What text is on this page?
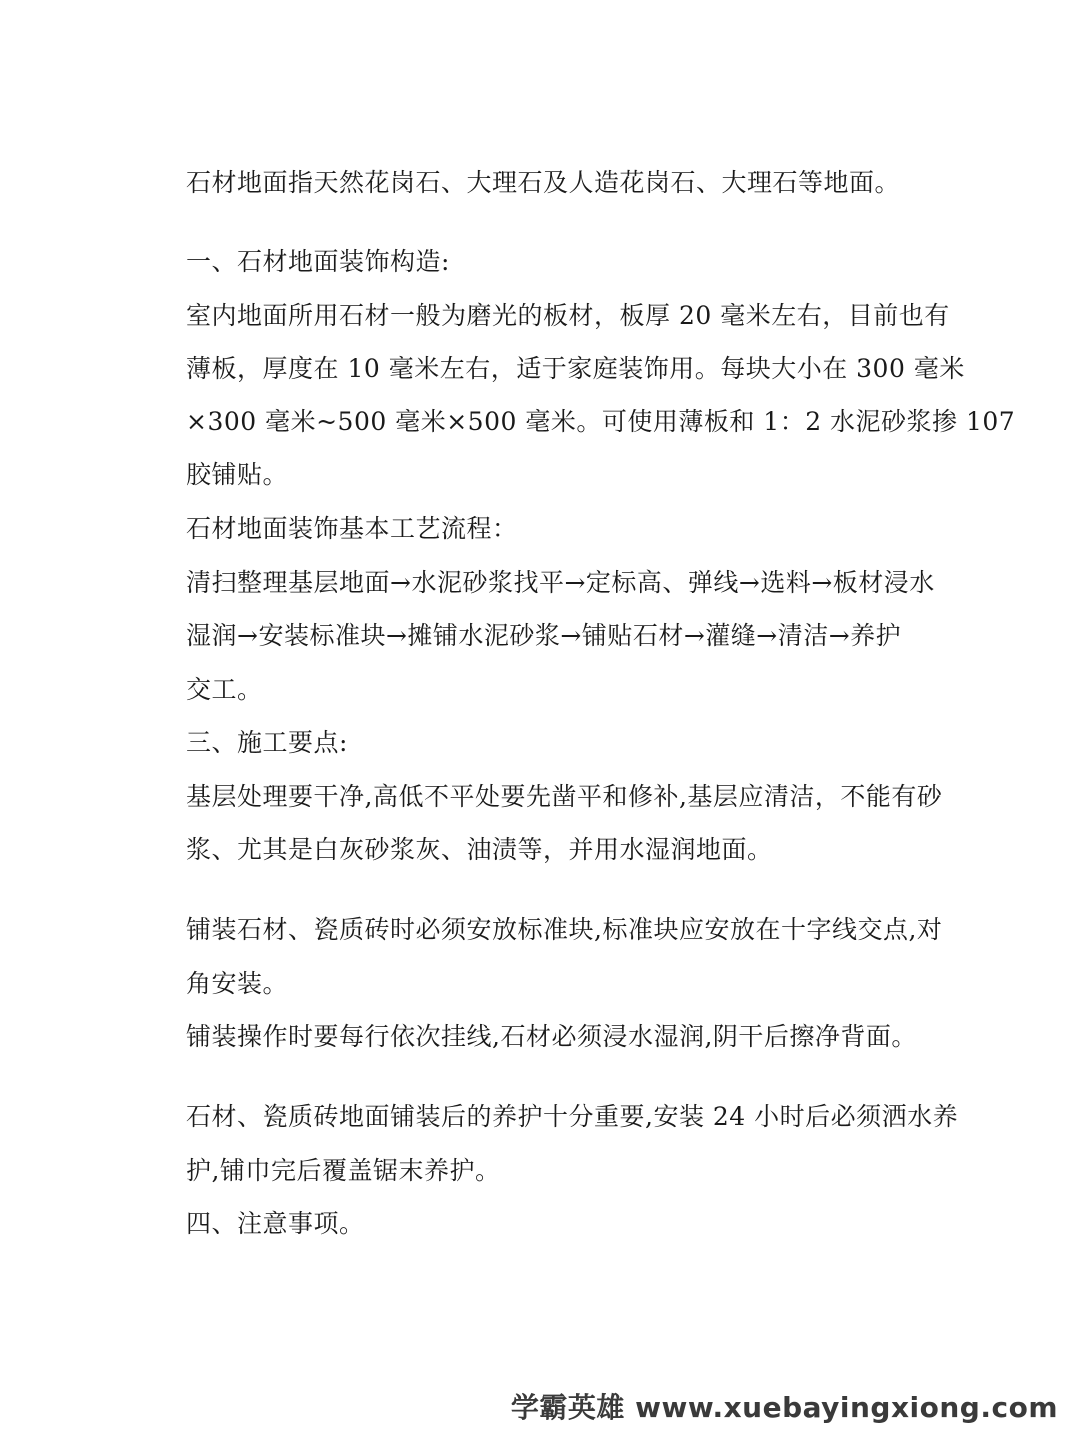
石材地面指天然花岗石、大理石及人造花岗石、大理石等地面。
一、石材地面装饰构造:
室内地面所用石材一般为磨光的板材，板厚 20 毫米左右，目前也有
薄板，厚度在 10 毫米左右，适于家庭装饰用。每块大小在 300 毫米
×300 毫米~500 毫米×500 毫米。可使用薄板和 1：2 水泥砂浆掺 107
胶铺贴。
石材地面装饰基本工艺流程：
清扫整理基层地面→水泥砂浆找平→定标高、弹线→选料→板材浸水
湿润→安装标准块→摊铺水泥砂浆→铺贴石材→灌缝→清洁→养护
交工。
三、施工要点:
基层处理要干净,高低不平处要先凿平和修补,基层应清洁，不能有砂
浆、尤其是白灰砂浆灰、油渍等，并用水湿润地面。
铺装石材、瓷质砖时必须安放标准块,标准块应安放在十字线交点,对
角安装。
铺装操作时要每行依次挂线,石材必须浸水湿润,阴干后擦净背面。
石材、瓷质砖地面铺装后的养护十分重要,安装 24 小时后必须洒水养
护,铺巾完后覆盖锯末养护。
四、注意事项。
学霸英雄 www.xuebayingxiong.com
